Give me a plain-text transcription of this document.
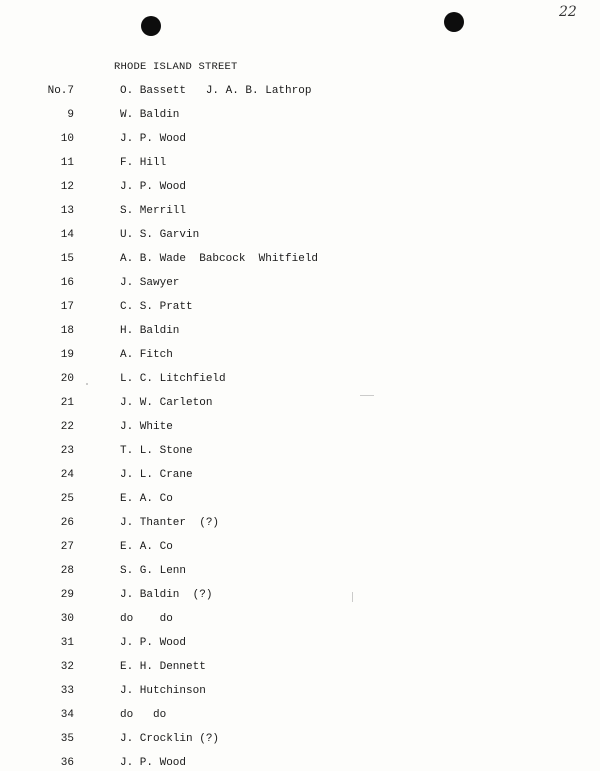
22
RHODE ISLAND STREET
No.7	O. Bassett   J. A. B. Lathrop
9	W. Baldin
10	J. P. Wood
11	F. Hill
12	J. P. Wood
13	S. Merrill
14	U. S. Garvin
15	A. B. Wade  Babcock  Whitfield
16	J. Sawyer
17	C. S. Pratt
18	H. Baldin
19	A. Fitch
20	L. C. Litchfield
21	J. W. Carleton
22	J. White
23	T. L. Stone
24	J. L. Crane
25	E. A. Co
26	J. Thanter  (?)
27	E. A. Co
28	S. G. Lenn
29	J. Baldin  (?)
30	do    do
31	J. P. Wood
32	E. H. Dennett
33	J. Hutchinson
34	do   do
35	J. Crocklin (?)
36	J. P. Wood
